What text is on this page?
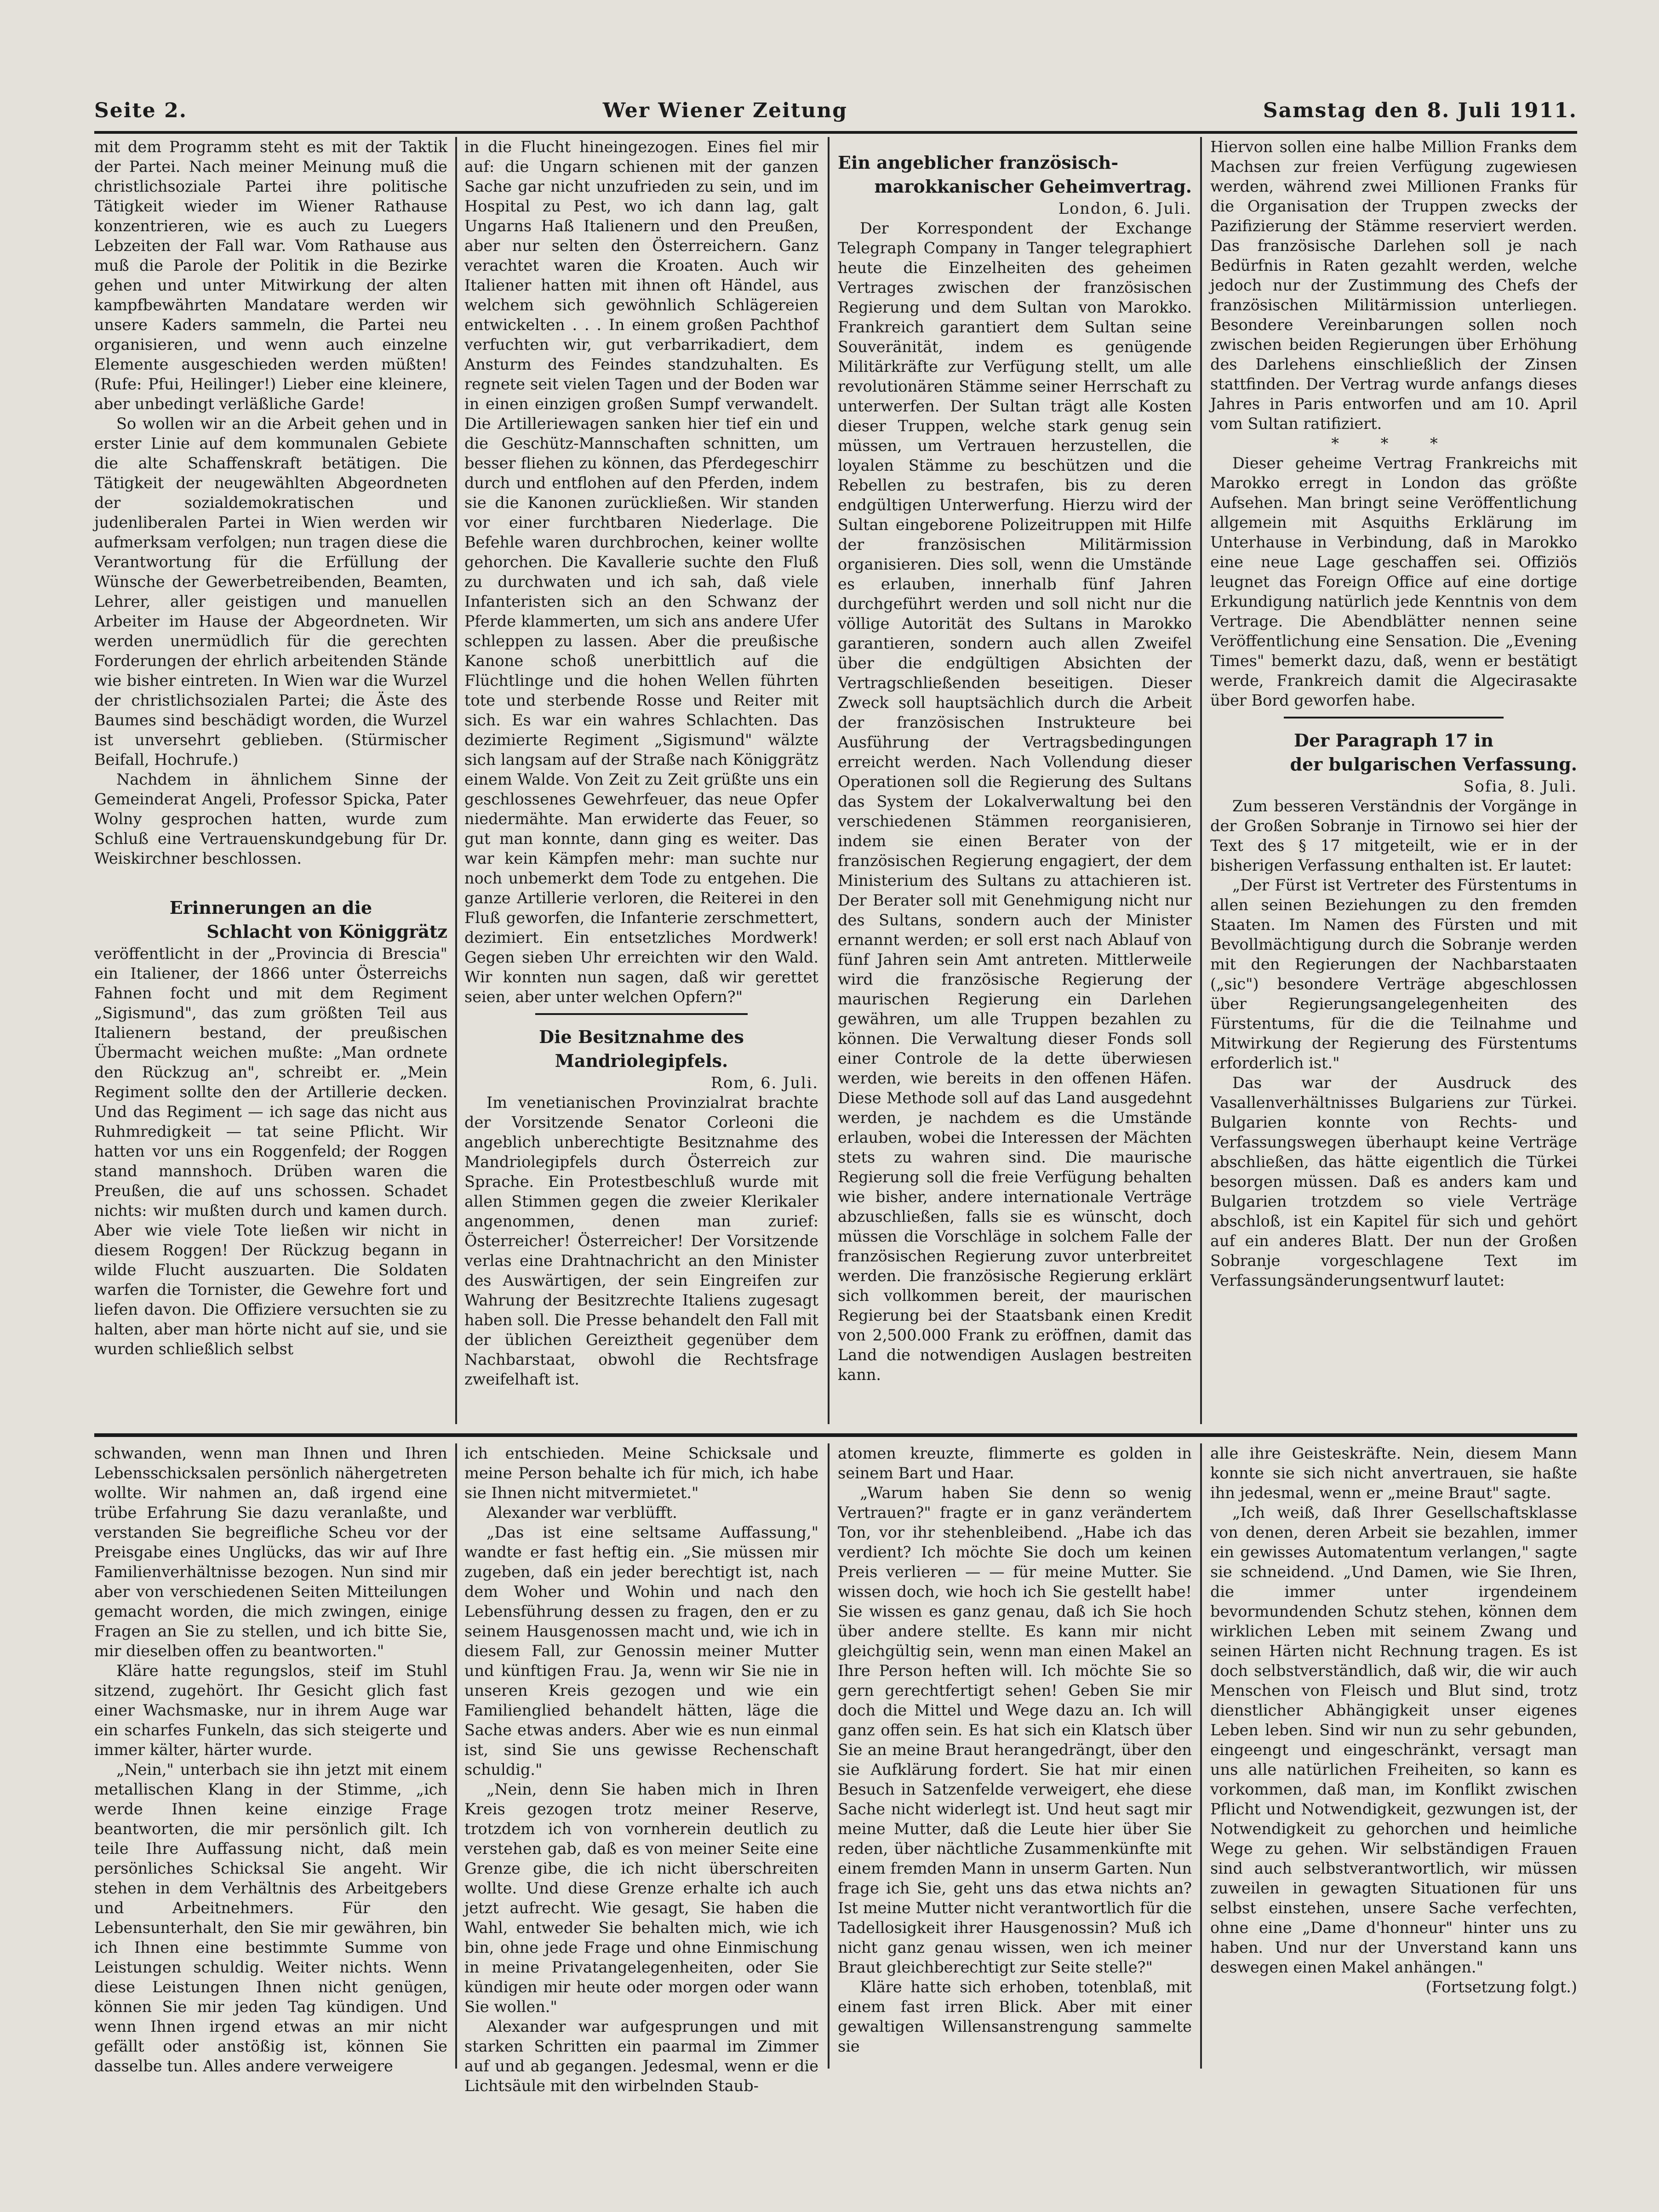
Seite 2.	Wer Wiener Zeitung	Samstag den 8. Juli 1911.

mit dem Programm steht es mit der Taktik der Partei. Nach meiner Meinung muß die christlichsoziale Partei ihre politische Tätigkeit wieder im Wiener Rathause konzentrieren, wie es auch zu Luegers Lebzeiten der Fall war. Vom Rathause aus muß die Parole der Politik in die Bezirke gehen und unter Mitwirkung der alten kampfbewährten Mandatare werden wir unsere Kaders sammeln, die Partei neu organisieren, und wenn auch einzelne Elemente ausgeschieden werden müßten! (Rufe: Pfui, Heilinger!) Lieber eine kleinere, aber unbedingt verläßliche Garde!

So wollen wir an die Arbeit gehen und in erster Linie auf dem kommunalen Gebiete die alte Schaffenskraft betätigen. Die Tätigkeit der neugewählten Abgeordneten der sozialdemokratischen und judenliberalen Partei in Wien werden wir aufmerksam verfolgen; nun tragen diese die Verantwortung für die Erfüllung der Wünsche der Gewerbetreibenden, Beamten, Lehrer, aller geistigen und manuellen Arbeiter im Hause der Abgeordneten. Wir werden unermüdlich für die gerechten Forderungen der ehrlich arbeitenden Stände wie bisher eintreten. In Wien war die Wurzel der christlichsozialen Partei; die Äste des Baumes sind beschädigt worden, die Wurzel ist unversehrt geblieben. (Stürmischer Beifall, Hochrufe.)

Nachdem in ähnlichem Sinne der Gemeinderat Angeli, Professor Spicka, Pater Wolny gesprochen hatten, wurde zum Schluß eine Vertrauenskundgebung für Dr. Weiskirchner beschlossen.

Erinnerungen an die

Schlacht von Königgrätz

veröffentlicht in der „Provincia di Brescia" ein Italiener, der 1866 unter Österreichs Fahnen focht und mit dem Regiment „Sigismund", das zum größten Teil aus Italienern bestand, der preußischen Übermacht weichen mußte: „Man ordnete den Rückzug an", schreibt er. „Mein Regiment sollte den der Artillerie decken. Und das Regiment — ich sage das nicht aus Ruhmredigkeit — tat seine Pflicht. Wir hatten vor uns ein Roggenfeld; der Roggen stand mannshoch. Drüben waren die Preußen, die auf uns schossen. Schadet nichts: wir mußten durch und kamen durch. Aber wie viele Tote ließen wir nicht in diesem Roggen! Der Rückzug begann in wilde Flucht auszuarten. Die Soldaten warfen die Tornister, die Gewehre fort und liefen davon. Die Offiziere versuchten sie zu halten, aber man hörte nicht auf sie, und sie wurden schließlich selbst

in die Flucht hineingezogen. Eines fiel mir auf: die Ungarn schienen mit der ganzen Sache gar nicht unzufrieden zu sein, und im Hospital zu Pest, wo ich dann lag, galt Ungarns Haß Italienern und den Preußen, aber nur selten den Österreichern. Ganz verachtet waren die Kroaten. Auch wir Italiener hatten mit ihnen oft Händel, aus welchem sich gewöhnlich Schlägereien entwickelten . . . In einem großen Pachthof verfuchten wir, gut verbarrikadiert, dem Ansturm des Feindes standzuhalten. Es regnete seit vielen Tagen und der Boden war in einen einzigen großen Sumpf verwandelt. Die Artilleriewagen sanken hier tief ein und die Geschütz-Mannschaften schnitten, um besser fliehen zu können, das Pferdegeschirr durch und entflohen auf den Pferden, indem sie die Kanonen zurückließen. Wir standen vor einer furchtbaren Niederlage. Die Befehle waren durchbrochen, keiner wollte gehorchen. Die Kavallerie suchte den Fluß zu durchwaten und ich sah, daß viele Infanteristen sich an den Schwanz der Pferde klammerten, um sich ans andere Ufer schleppen zu lassen. Aber die preußische Kanone schoß unerbittlich auf die Flüchtlinge und die hohen Wellen führten tote und sterbende Rosse und Reiter mit sich. Es war ein wahres Schlachten. Das dezimierte Regiment „Sigismund" wälzte sich langsam auf der Straße nach Königgrätz einem Walde. Von Zeit zu Zeit grüßte uns ein geschlossenes Gewehrfeuer, das neue Opfer niedermähte. Man erwiderte das Feuer, so gut man konnte, dann ging es weiter. Das war kein Kämpfen mehr: man suchte nur noch unbemerkt dem Tode zu entgehen. Die ganze Artillerie verloren, die Reiterei in den Fluß geworfen, die Infanterie zerschmettert, dezimiert. Ein entsetzliches Mordwerk! Gegen sieben Uhr erreichten wir den Wald. Wir konnten nun sagen, daß wir gerettet seien, aber unter welchen Opfern?"

Die Besitznahme des Mandriolegipfels.

Rom, 6. Juli.

Im venetianischen Provinzialrat brachte der Vorsitzende Senator Corleoni die angeblich unberechtigte Besitznahme des Mandriolegipfels durch Österreich zur Sprache. Ein Protestbeschluß wurde mit allen Stimmen gegen die zweier Klerikaler angenommen, denen man zurief: Österreicher! Österreicher! Der Vorsitzende verlas eine Drahtnachricht an den Minister des Auswärtigen, der sein Eingreifen zur Wahrung der Besitzrechte Italiens zugesagt haben soll. Die Presse behandelt den Fall mit der üblichen Gereiztheit gegenüber dem Nachbarstaat, obwohl die Rechtsfrage zweifelhaft ist.

Ein angeblicher französisch-

marokkanischer Geheimvertrag.

London, 6. Juli.

Der Korrespondent der Exchange Telegraph Company in Tanger telegraphiert heute die Einzelheiten des geheimen Vertrages zwischen der französischen Regierung und dem Sultan von Marokko. Frankreich garantiert dem Sultan seine Souveränität, indem es genügende Militärkräfte zur Verfügung stellt, um alle revolutionären Stämme seiner Herrschaft zu unterwerfen. Der Sultan trägt alle Kosten dieser Truppen, welche stark genug sein müssen, um Vertrauen herzustellen, die loyalen Stämme zu beschützen und die Rebellen zu bestrafen, bis zu deren endgültigen Unterwerfung. Hierzu wird der Sultan eingeborene Polizeitruppen mit Hilfe der französischen Militärmission organisieren. Dies soll, wenn die Umstände es erlauben, innerhalb fünf Jahren durchgeführt werden und soll nicht nur die völlige Autorität des Sultans in Marokko garantieren, sondern auch allen Zweifel über die endgültigen Absichten der Vertragschließenden beseitigen. Dieser Zweck soll hauptsächlich durch die Arbeit der französischen Instrukteure bei Ausführung der Vertragsbedingungen erreicht werden. Nach Vollendung dieser Operationen soll die Regierung des Sultans das System der Lokalverwaltung bei den verschiedenen Stämmen reorganisieren, indem sie einen Berater von der französischen Regierung engagiert, der dem Ministerium des Sultans zu attachieren ist. Der Berater soll mit Genehmigung nicht nur des Sultans, sondern auch der Minister ernannt werden; er soll erst nach Ablauf von fünf Jahren sein Amt antreten. Mittlerweile wird die französische Regierung der maurischen Regierung ein Darlehen gewähren, um alle Truppen bezahlen zu können. Die Verwaltung dieser Fonds soll einer Controle de la dette überwiesen werden, wie bereits in den offenen Häfen. Diese Methode soll auf das Land ausgedehnt werden, je nachdem es die Umstände erlauben, wobei die Interessen der Mächten stets zu wahren sind. Die maurische Regierung soll die freie Verfügung behalten wie bisher, andere internationale Verträge abzuschließen, falls sie es wünscht, doch müssen die Vorschläge in solchem Falle der französischen Regierung zuvor unterbreitet werden. Die französische Regierung erklärt sich vollkommen bereit, der maurischen Regierung bei der Staatsbank einen Kredit von 2,500.000 Frank zu eröffnen, damit das Land die notwendigen Auslagen bestreiten kann.

Hiervon sollen eine halbe Million Franks dem Machsen zur freien Verfügung zugewiesen werden, während zwei Millionen Franks für die Organisation der Truppen zwecks der Pazifizierung der Stämme reserviert werden. Das französische Darlehen soll je nach Bedürfnis in Raten gezahlt werden, welche jedoch nur der Zustimmung des Chefs der französischen Militärmission unterliegen. Besondere Vereinbarungen sollen noch zwischen beiden Regierungen über Erhöhung des Darlehens einschließlich der Zinsen stattfinden. Der Vertrag wurde anfangs dieses Jahres in Paris entworfen und am 10. April vom Sultan ratifiziert.

* * *

Dieser geheime Vertrag Frankreichs mit Marokko erregt in London das größte Aufsehen. Man bringt seine Veröffentlichung allgemein mit Asquiths Erklärung im Unterhause in Verbindung, daß in Marokko eine neue Lage geschaffen sei. Offiziös leugnet das Foreign Office auf eine dortige Erkundigung natürlich jede Kenntnis von dem Vertrage. Die Abendblätter nennen seine Veröffentlichung eine Sensation. Die „Evening Times" bemerkt dazu, daß, wenn er bestätigt werde, Frankreich damit die Algecirasakte über Bord geworfen habe.

Der Paragraph 17 in

der bulgarischen Verfassung.

Sofia, 8. Juli.

Zum besseren Verständnis der Vorgänge in der Großen Sobranje in Tirnowo sei hier der Text des § 17 mitgeteilt, wie er in der bisherigen Verfassung enthalten ist. Er lautet:

„Der Fürst ist Vertreter des Fürstentums in allen seinen Beziehungen zu den fremden Staaten. Im Namen des Fürsten und mit Bevollmächtigung durch die Sobranje werden mit den Regierungen der Nachbarstaaten („sic") besondere Verträge abgeschlossen über Regierungsangelegenheiten des Fürstentums, für die die Teilnahme und Mitwirkung der Regierung des Fürstentums erforderlich ist."

Das war der Ausdruck des Vasallenverhältnisses Bulgariens zur Türkei. Bulgarien konnte von Rechts- und Verfassungswegen überhaupt keine Verträge abschließen, das hätte eigentlich die Türkei besorgen müssen. Daß es anders kam und Bulgarien trotzdem so viele Verträge abschloß, ist ein Kapitel für sich und gehört auf ein anderes Blatt. Der nun der Großen Sobranje vorgeschlagene Text im Verfassungsänderungsentwurf lautet:

schwanden, wenn man Ihnen und Ihren Lebensschicksalen persönlich nähergetreten wollte. Wir nahmen an, daß irgend eine trübe Erfahrung Sie dazu veranlaßte, und verstanden Sie begreifliche Scheu vor der Preisgabe eines Unglücks, das wir auf Ihre Familienverhältnisse bezogen. Nun sind mir aber von verschiedenen Seiten Mitteilungen gemacht worden, die mich zwingen, einige Fragen an Sie zu stellen, und ich bitte Sie, mir dieselben offen zu beantworten."

Kläre hatte regungslos, steif im Stuhl sitzend, zugehört. Ihr Gesicht glich fast einer Wachsmaske, nur in ihrem Auge war ein scharfes Funkeln, das sich steigerte und immer kälter, härter wurde.

„Nein," unterbach sie ihn jetzt mit einem metallischen Klang in der Stimme, „ich werde Ihnen keine einzige Frage beantworten, die mir persönlich gilt. Ich teile Ihre Auffassung nicht, daß mein persönliches Schicksal Sie angeht. Wir stehen in dem Verhältnis des Arbeitgebers und Arbeitnehmers. Für den Lebensunterhalt, den Sie mir gewähren, bin ich Ihnen eine bestimmte Summe von Leistungen schuldig. Weiter nichts. Wenn diese Leistungen Ihnen nicht genügen, können Sie mir jeden Tag kündigen. Und wenn Ihnen irgend etwas an mir nicht gefällt oder anstößig ist, können Sie dasselbe tun. Alles andere verweigere

ich entschieden. Meine Schicksale und meine Person behalte ich für mich, ich habe sie Ihnen nicht mitvermietet."

Alexander war verblüfft.

„Das ist eine seltsame Auffassung," wandte er fast heftig ein. „Sie müssen mir zugeben, daß ein jeder berechtigt ist, nach dem Woher und Wohin und nach den Lebensführung dessen zu fragen, den er zu seinem Hausgenossen macht und, wie ich in diesem Fall, zur Genossin meiner Mutter und künftigen Frau. Ja, wenn wir Sie nie in unseren Kreis gezogen und wie ein Familienglied behandelt hätten, läge die Sache etwas anders. Aber wie es nun einmal ist, sind Sie uns gewisse Rechenschaft schuldig."

„Nein, denn Sie haben mich in Ihren Kreis gezogen trotz meiner Reserve, trotzdem ich von vornherein deutlich zu verstehen gab, daß es von meiner Seite eine Grenze gibe, die ich nicht überschreiten wollte. Und diese Grenze erhalte ich auch jetzt aufrecht. Wie gesagt, Sie haben die Wahl, entweder Sie behalten mich, wie ich bin, ohne jede Frage und ohne Einmischung in meine Privatangelegenheiten, oder Sie kündigen mir heute oder morgen oder wann Sie wollen."

Alexander war aufgesprungen und mit starken Schritten ein paarmal im Zimmer auf und ab gegangen. Jedesmal, wenn er die Lichtsäule mit den wirbelnden Staub-

atomen kreuzte, flimmerte es golden in seinem Bart und Haar.

„Warum haben Sie denn so wenig Vertrauen?" fragte er in ganz verändertem Ton, vor ihr stehenbleibend. „Habe ich das verdient? Ich möchte Sie doch um keinen Preis verlieren — — für meine Mutter. Sie wissen doch, wie hoch ich Sie gestellt habe! Sie wissen es ganz genau, daß ich Sie hoch über andere stellte. Es kann mir nicht gleichgültig sein, wenn man einen Makel an Ihre Person heften will. Ich möchte Sie so gern gerechtfertigt sehen! Geben Sie mir doch die Mittel und Wege dazu an. Ich will ganz offen sein. Es hat sich ein Klatsch über Sie an meine Braut herangedrängt, über den sie Aufklärung fordert. Sie hat mir einen Besuch in Satzenfelde verweigert, ehe diese Sache nicht widerlegt ist. Und heut sagt mir meine Mutter, daß die Leute hier über Sie reden, über nächtliche Zusammenkünfte mit einem fremden Mann in unserm Garten. Nun frage ich Sie, geht uns das etwa nichts an? Ist meine Mutter nicht verantwortlich für die Tadellosigkeit ihrer Hausgenossin? Muß ich nicht ganz genau wissen, wen ich meiner Braut gleichberechtigt zur Seite stelle?"

Kläre hatte sich erhoben, totenblaß, mit einem fast irren Blick. Aber mit einer gewaltigen Willensanstrengung sammelte sie

alle ihre Geisteskräfte. Nein, diesem Mann konnte sie sich nicht anvertrauen, sie haßte ihn jedesmal, wenn er „meine Braut" sagte.

„Ich weiß, daß Ihrer Gesellschaftsklasse von denen, deren Arbeit sie bezahlen, immer ein gewisses Automatentum verlangen," sagte sie schneidend. „Und Damen, wie Sie Ihren, die immer unter irgendeinem bevormundenden Schutz stehen, können dem wirklichen Leben mit seinem Zwang und seinen Härten nicht Rechnung tragen. Es ist doch selbstverständlich, daß wir, die wir auch Menschen von Fleisch und Blut sind, trotz dienstlicher Abhängigkeit unser eigenes Leben leben. Sind wir nun zu sehr gebunden, eingeengt und eingeschränkt, versagt man uns alle natürlichen Freiheiten, so kann es vorkommen, daß man, im Konflikt zwischen Pflicht und Notwendigkeit, gezwungen ist, der Notwendigkeit zu gehorchen und heimliche Wege zu gehen. Wir selbständigen Frauen sind auch selbstverantwortlich, wir müssen zuweilen in gewagten Situationen für uns selbst einstehen, unsere Sache verfechten, ohne eine „Dame d'honneur" hinter uns zu haben. Und nur der Unverstand kann uns deswegen einen Makel anhängen."

(Fortsetzung folgt.)
